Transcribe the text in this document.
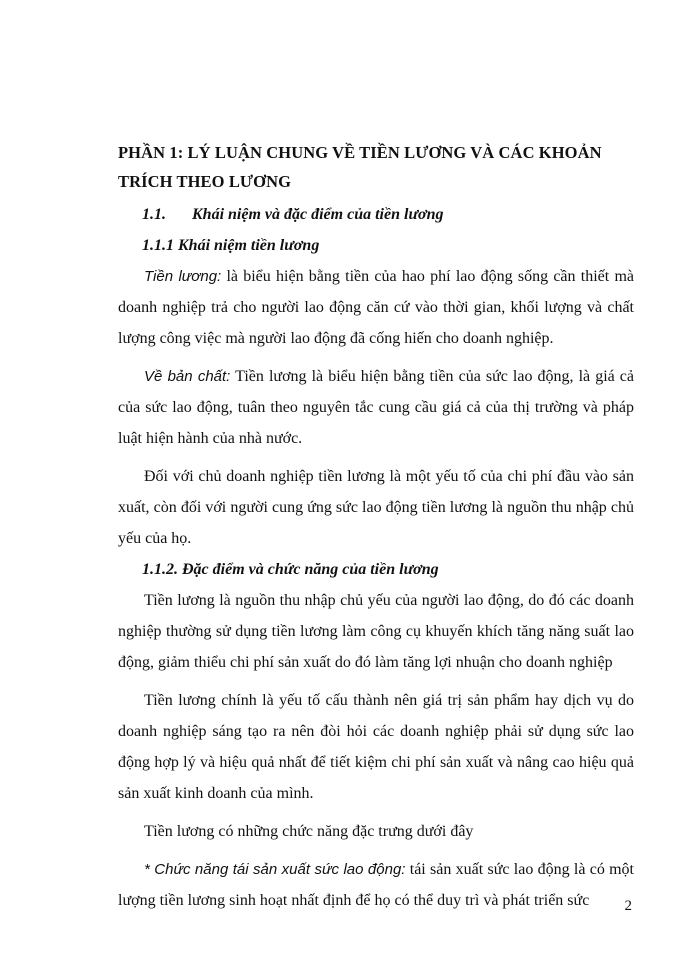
PHẦN 1: LÝ LUẬN CHUNG VỀ TIỀN LƯƠNG VÀ CÁC KHOẢN
TRÍCH THEO LƯƠNG
1.1. Khái niệm và đặc điểm của tiền lương
1.1.1 Khái niệm tiền lương

Tiền lương: là biểu hiện bằng tiền của hao phí lao động sống cần thiết mà doanh nghiệp trả cho người lao động căn cứ vào thời gian, khối lượng và chất lượng công việc mà người lao động đã cống hiến cho doanh nghiệp.

Về bản chất: Tiền lương là biểu hiện bằng tiền của sức lao động, là giá cả của sức lao động, tuân theo nguyên tắc cung cầu giá cả của thị trường và pháp luật hiện hành của nhà nước.

Đối với chủ doanh nghiệp tiền lương là một yếu tố của chi phí đầu vào sản xuất, còn đối với người cung ứng sức lao động tiền lương là nguồn thu nhập chủ yếu của họ.

1.1.2. Đặc điểm và chức năng của tiền lương

Tiền lương là nguồn thu nhập chủ yếu của người lao động, do đó các doanh nghiệp thường sử dụng tiền lương làm công cụ khuyến khích tăng năng suất lao động, giảm thiểu chi phí sản xuất do đó làm tăng lợi nhuận cho doanh nghiệp

Tiền lương chính là yếu tố cấu thành nên giá trị sản phẩm hay dịch vụ do doanh nghiệp sáng tạo ra nên đòi hỏi các doanh nghiệp phải sử dụng sức lao động hợp lý và hiệu quả nhất để tiết kiệm chi phí sản xuất và nâng cao hiệu quả sản xuất kinh doanh của mình.

Tiền lương có những chức năng đặc trưng dưới đây

* Chức năng tái sản xuất sức lao động: tái sản xuất sức lao động là có một lượng tiền lương sinh hoạt nhất định để họ có thể duy trì và phát triển sức	2
